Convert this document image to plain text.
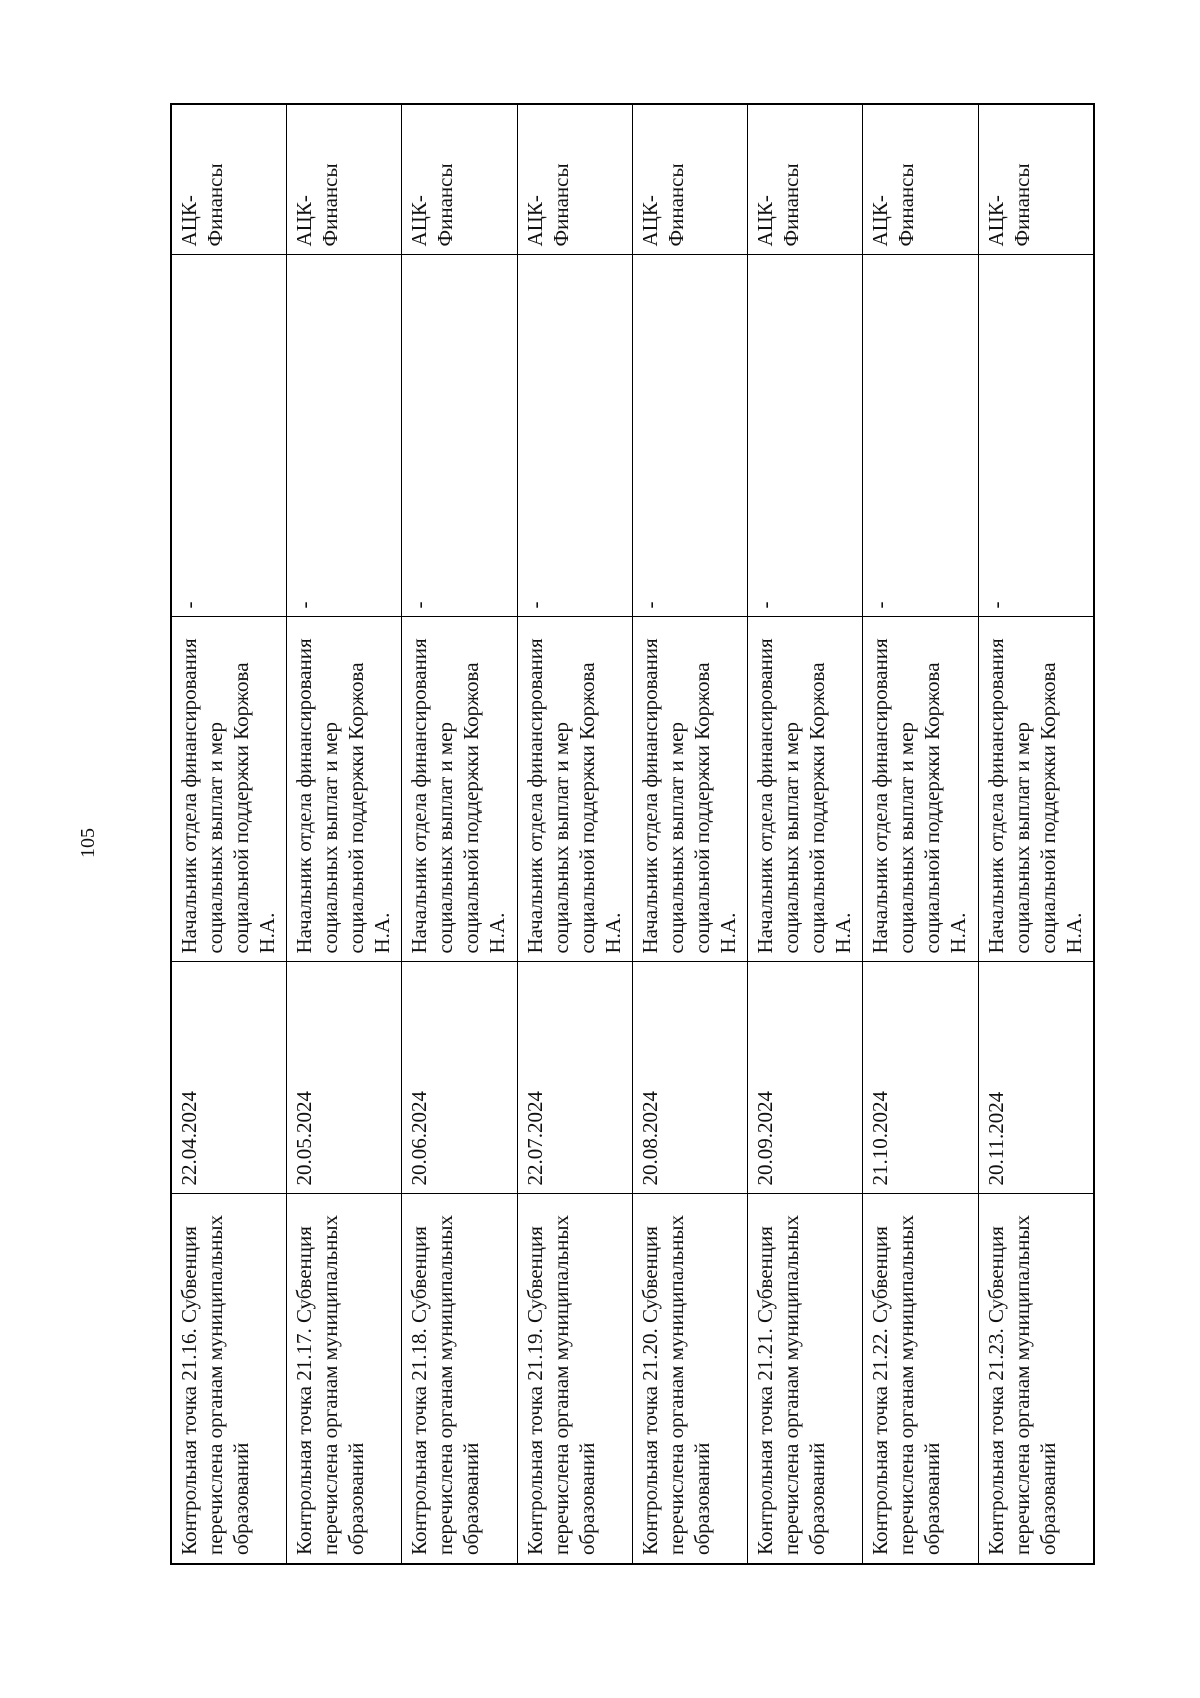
105
Контрольная точка 21.16. Субвенция перечислена органам муниципальных образований	22.04.2024	Начальник отдела финансирования социальных выплат и мер социальной поддержки Коржова Н.А.	-	АЦК-Финансы
Контрольная точка 21.17. Субвенция перечислена органам муниципальных образований	20.05.2024	Начальник отдела финансирования социальных выплат и мер социальной поддержки Коржова Н.А.	-	АЦК-Финансы
Контрольная точка 21.18. Субвенция перечислена органам муниципальных образований	20.06.2024	Начальник отдела финансирования социальных выплат и мер социальной поддержки Коржова Н.А.	-	АЦК-Финансы
Контрольная точка 21.19. Субвенция перечислена органам муниципальных образований	22.07.2024	Начальник отдела финансирования социальных выплат и мер социальной поддержки Коржова Н.А.	-	АЦК-Финансы
Контрольная точка 21.20. Субвенция перечислена органам муниципальных образований	20.08.2024	Начальник отдела финансирования социальных выплат и мер социальной поддержки Коржова Н.А.	-	АЦК-Финансы
Контрольная точка 21.21. Субвенция перечислена органам муниципальных образований	20.09.2024	Начальник отдела финансирования социальных выплат и мер социальной поддержки Коржова Н.А.	-	АЦК-Финансы
Контрольная точка 21.22. Субвенция перечислена органам муниципальных образований	21.10.2024	Начальник отдела финансирования социальных выплат и мер социальной поддержки Коржова Н.А.	-	АЦК-Финансы
Контрольная точка 21.23. Субвенция перечислена органам муниципальных образований	20.11.2024	Начальник отдела финансирования социальных выплат и мер социальной поддержки Коржова Н.А.	-	АЦК-Финансы
